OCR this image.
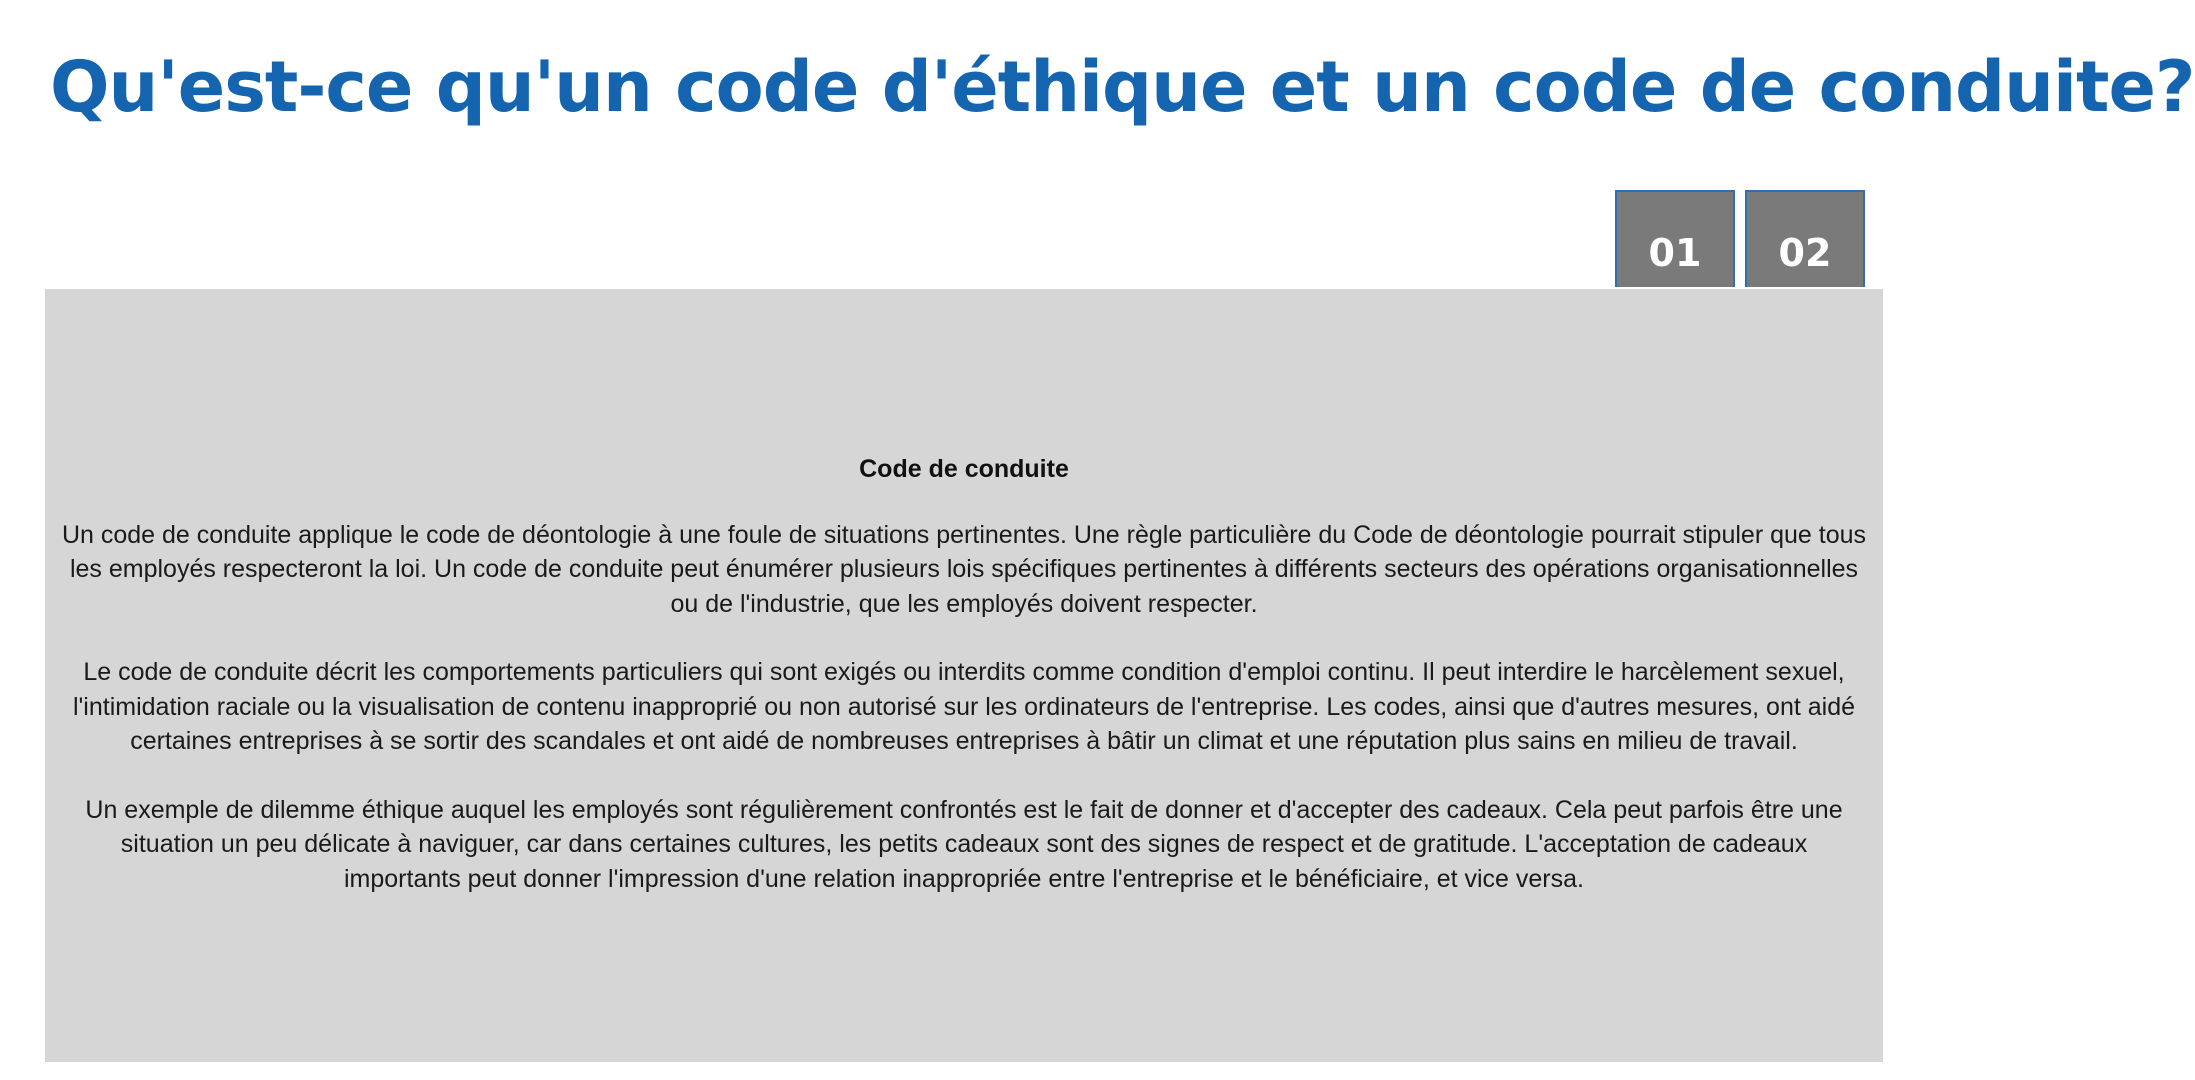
Qu'est-ce qu'un code d'éthique et un code de conduite?
01	02
Code de conduite

Un code de conduite applique le code de déontologie à une foule de situations pertinentes. Une règle particulière du Code de déontologie pourrait stipuler que tous les employés respecteront la loi. Un code de conduite peut énumérer plusieurs lois spécifiques pertinentes à différents secteurs des opérations organisationnelles ou de l'industrie, que les employés doivent respecter.

Le code de conduite décrit les comportements particuliers qui sont exigés ou interdits comme condition d'emploi continu. Il peut interdire le harcèlement sexuel, l'intimidation raciale ou la visualisation de contenu inapproprié ou non autorisé sur les ordinateurs de l'entreprise. Les codes, ainsi que d'autres mesures, ont aidé certaines entreprises à se sortir des scandales et ont aidé de nombreuses entreprises à bâtir un climat et une réputation plus sains en milieu de travail.

Un exemple de dilemme éthique auquel les employés sont régulièrement confrontés est le fait de donner et d'accepter des cadeaux. Cela peut parfois être une situation un peu délicate à naviguer, car dans certaines cultures, les petits cadeaux sont des signes de respect et de gratitude. L'acceptation de cadeaux importants peut donner l'impression d'une relation inappropriée entre l'entreprise et le bénéficiaire, et vice versa.
